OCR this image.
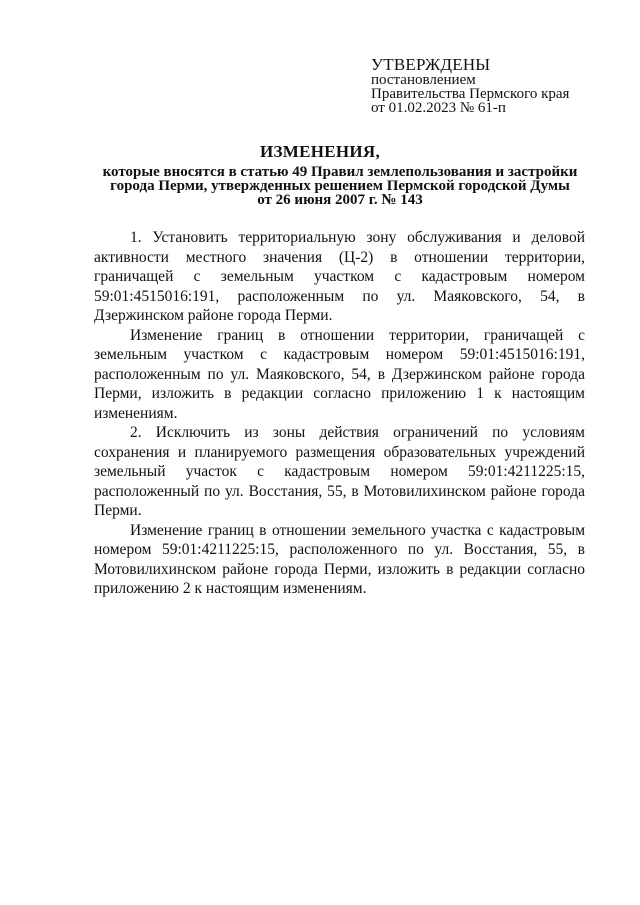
УТВЕРЖДЕНЫ
постановлением
Правительства Пермского края
от 01.02.2023 № 61-п
ИЗМЕНЕНИЯ,
которые вносятся в статью 49 Правил землепользования и застройки
города Перми, утвержденных решением Пермской городской Думы
от 26 июня 2007 г. № 143

1. Установить территориальную зону обслуживания и деловой активности местного значения (Ц-2) в отношении территории, граничащей с земельным участком с кадастровым номером 59:01:4515016:191, расположенным по ул. Маяковского, 54, в Дзержинском районе города Перми.

Изменение границ в отношении территории, граничащей с земельным участком с кадастровым номером 59:01:4515016:191, расположенным по ул. Маяковского, 54, в Дзержинском районе города Перми, изложить в редакции согласно приложению 1 к настоящим изменениям.

2. Исключить из зоны действия ограничений по условиям сохранения и планируемого размещения образовательных учреждений земельный участок с кадастровым номером 59:01:4211225:15, расположенный по ул. Восстания, 55, в Мотовилихинском районе города Перми.

Изменение границ в отношении земельного участка с кадастровым номером 59:01:4211225:15, расположенного по ул. Восстания, 55, в Мотовилихинском районе города Перми, изложить в редакции согласно приложению 2 к настоящим изменениям.
